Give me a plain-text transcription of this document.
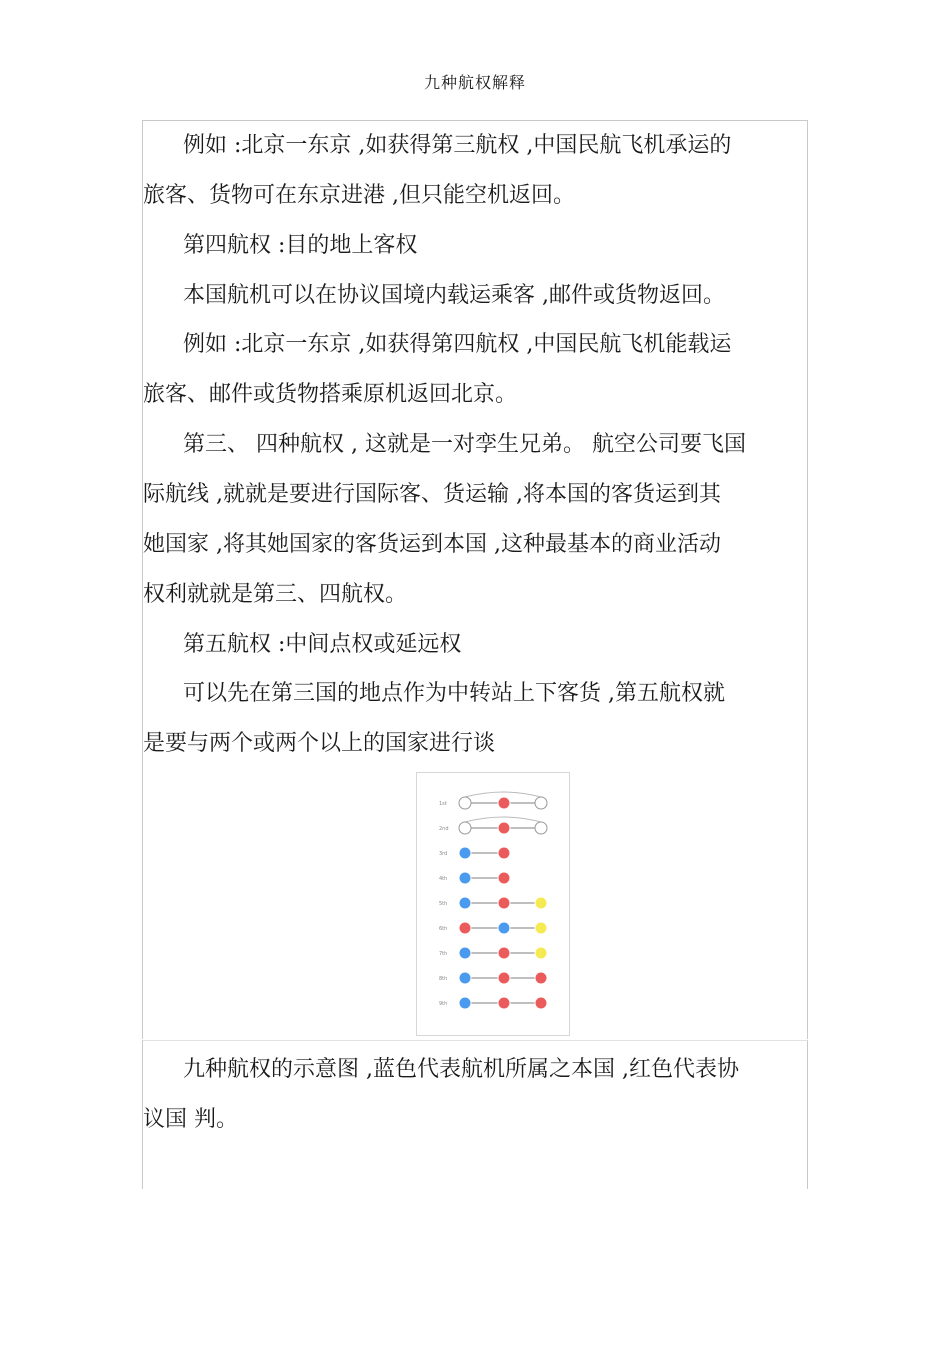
九种航权解释
例如 :北京一东京 ,如获得第三航权 ,中国民航飞机承运的
旅客、货物可在东京进港 ,但只能空机返回。
第四航权 :目的地上客权
本国航机可以在协议国境内载运乘客 ,邮件或货物返回。
例如 :北京一东京 ,如获得第四航权 ,中国民航飞机能载运
旅客、邮件或货物搭乘原机返回北京。
第三、 四种航权 , 这就是一对孪生兄弟。 航空公司要飞国
际航线 ,就就是要进行国际客、货运输 ,将本国的客货运到其
她国家 ,将其她国家的客货运到本国 ,这种最基本的商业活动
权利就就是第三、四航权。
第五航权 :中间点权或延远权
可以先在第三国的地点作为中转站上下客货 ,第五航权就
是要与两个或两个以上的国家进行谈
1st
2nd
3rd
4th
5th
6th
7th
8th
9th
九种航权的示意图 ,蓝色代表航机所属之本国 ,红色代表协
议国 判。
